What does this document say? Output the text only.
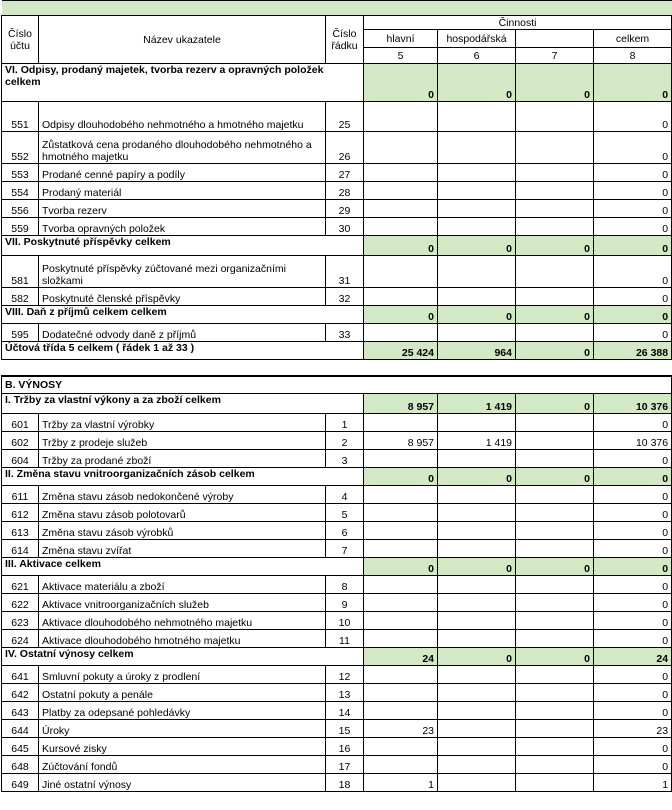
Číslo účtu	Název ukazatele	Číslo řádku	Činnosti			
			hlavní	hospodářská		celkem
			5	6	7	8
VI. Odpisy, prodaný majetek, tvorba rezerv a opravných položek celkem			0	0	0	0
551	Odpisy dlouhodobého nehmotného a hmotného majetku	25				0
552	Zůstatková cena prodaného dlouhodobého nehmotného a hmotného majetku	26				0
553	Prodané cenné papíry a podíly	27				0
554	Prodaný materiál	28				0
556	Tvorba rezerv	29				0
559	Tvorba opravných položek	30				0
VII. Poskytnuté příspěvky celkem			0	0	0	0
581	Poskytnuté příspěvky zúčtované mezi organizačními složkami	31				0
582	Poskytnuté členské příspěvky	32				0
VIII. Daň z příjmů celkem celkem			0	0	0	0
595	Dodatečné odvody daně z příjmů	33				0
Účtová třída 5 celkem ( řádek 1 až 33 )			25 424	964	0	26 388

B. VÝNOSY						
I. Tržby za vlastní výkony a za zboží celkem			8 957	1 419	0	10 376
601	Tržby za vlastní výrobky	1				0
602	Tržby z prodeje služeb	2	8 957	1 419		10 376
604	Tržby za prodané zboží	3				0
II. Změna stavu vnitroorganizačních zásob celkem			0	0	0	0
611	Změna stavu zásob nedokončené výroby	4				0
612	Změna stavu zásob polotovarů	5				0
613	Změna stavu zásob výrobků	6				0
614	Změna stavu zvířat	7				0
III. Aktivace celkem			0	0	0	0
621	Aktivace materiálu a zboží	8				0
622	Aktivace vnitroorganizačních služeb	9				0
623	Aktivace dlouhodobého nehmotného majetku	10				0
624	Aktivace dlouhodobého hmotného majetku	11				0
IV. Ostatní výnosy celkem			24	0	0	24
641	Smluvní pokuty a úroky z prodlení	12				0
642	Ostatní pokuty a penále	13				0
643	Platby za odepsané pohledávky	14				0
644	Úroky	15	23			23
645	Kursové zisky	16				0
648	Zúčtování fondů	17				0
649	Jiné ostatní výnosy	18	1			1
